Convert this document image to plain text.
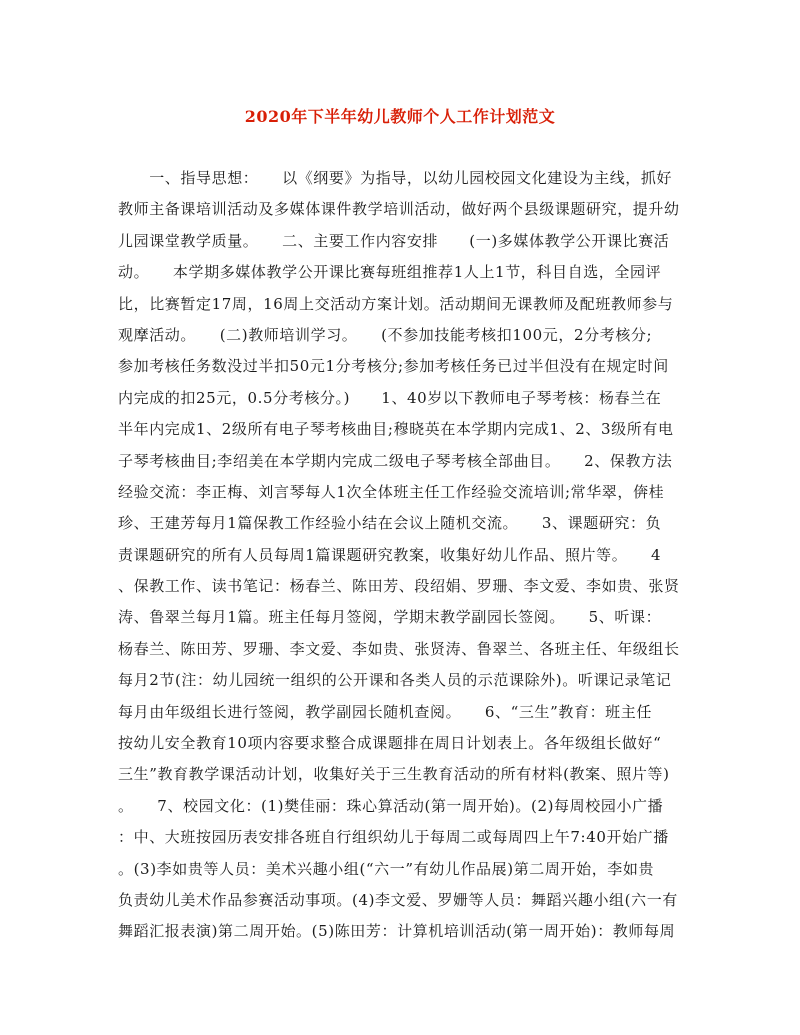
2020年下半年幼儿教师个人工作计划范文
　　一、指导思想：　　以《纲要》为指导，以幼儿园校园文化建设为主线，抓好
教师主备课培训活动及多媒体课件教学培训活动，做好两个县级课题研究，提升幼
儿园课堂教学质量。　　二、主要工作内容安排　　(一)多媒体教学公开课比赛活
动。　　本学期多媒体教学公开课比赛每班组推荐1人上1节，科目自选，全园评
比，比赛暂定17周，16周上交活动方案计划。活动期间无课教师及配班教师参与
观摩活动。　　(二)教师培训学习。　　(不参加技能考核扣100元，2分考核分;
参加考核任务数没过半扣50元1分考核分;参加考核任务已过半但没有在规定时间
内完成的扣25元，0.5分考核分。)　　1、40岁以下教师电子琴考核：杨春兰在
半年内完成1、2级所有电子琴考核曲目;穆晓英在本学期内完成1、2、3级所有电
子琴考核曲目;李绍美在本学期内完成二级电子琴考核全部曲目。　　2、保教方法
经验交流：李正梅、刘言琴每人1次全体班主任工作经验交流培训;常华翠，倴桂
珍、王建芳每月1篇保教工作经验小结在会议上随机交流。　　3、课题研究：负
责课题研究的所有人员每周1篇课题研究教案，收集好幼儿作品、照片等。　　4
、保教工作、读书笔记：杨春兰、陈田芳、段绍娟、罗珊、李文爱、李如贵、张贤
涛、鲁翠兰每月1篇。班主任每月签阅，学期末教学副园长签阅。　　5、听课：
杨春兰、陈田芳、罗珊、李文爱、李如贵、张贤涛、鲁翠兰、各班主任、年级组长
每月2节(注：幼儿园统一组织的公开课和各类人员的示范课除外)。听课记录笔记
每月由年级组长进行签阅，教学副园长随机查阅。　　6、“三生”教育：班主任
按幼儿安全教育10项内容要求整合成课题排在周日计划表上。各年级组长做好“
三生”教育教学课活动计划，收集好关于三生教育活动的所有材料(教案、照片等)
。　　7、校园文化：(1)樊佳丽：珠心算活动(第一周开始)。(2)每周校园小广播
：中、大班按园历表安排各班自行组织幼儿于每周二或每周四上午7:40开始广播
。(3)李如贵等人员：美术兴趣小组(“六一”有幼儿作品展)第二周开始，李如贵
负责幼儿美术作品参赛活动事项。(4)李文爱、罗姗等人员：舞蹈兴趣小组(六一有
舞蹈汇报表演)第二周开始。(5)陈田芳：计算机培训活动(第一周开始)：教师每周
